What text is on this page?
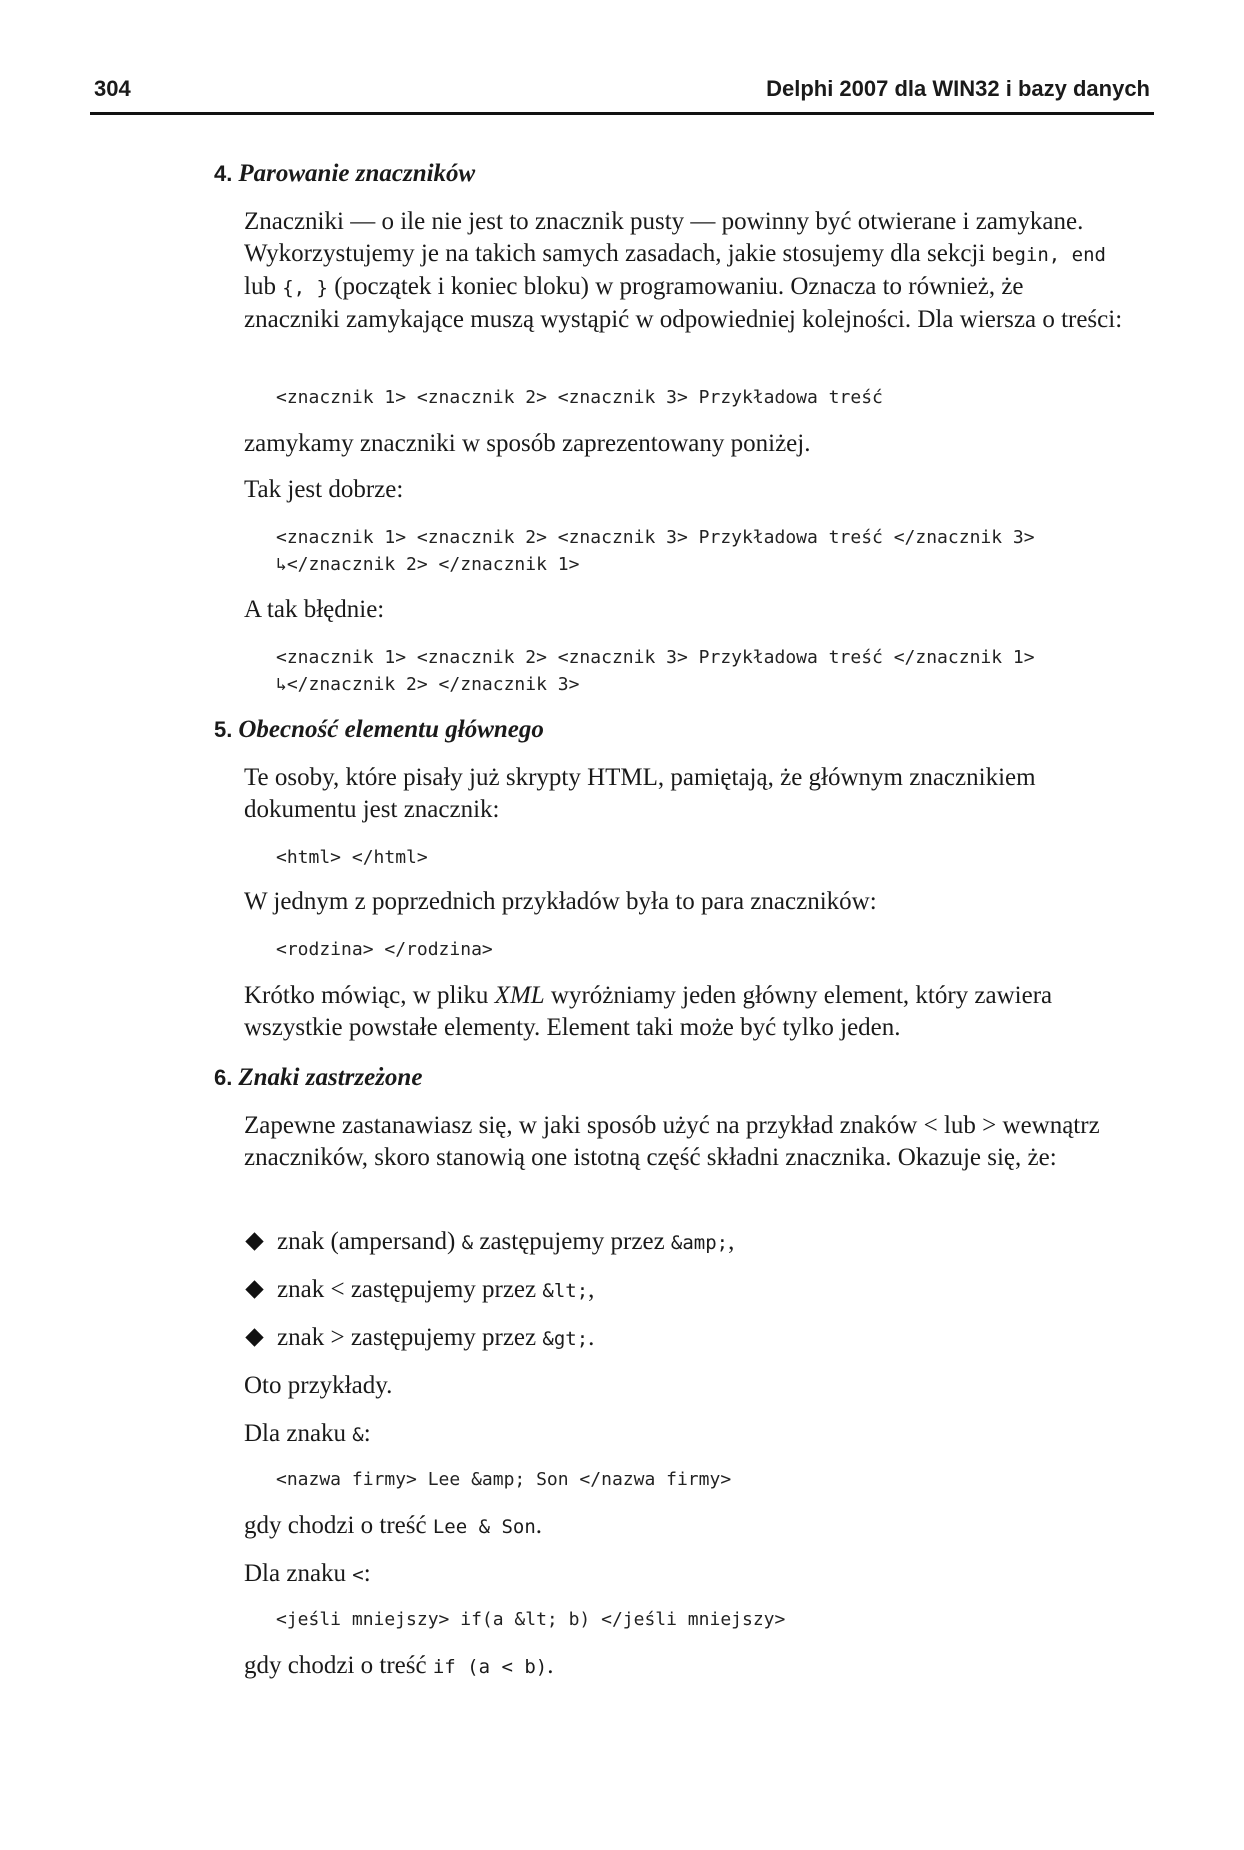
304	Delphi 2007 dla WIN32 i bazy danych
4. Parowanie znaczników

Znaczniki — o ile nie jest to znacznik pusty — powinny być otwierane i zamykane. Wykorzystujemy je na takich samych zasadach, jakie stosujemy dla sekcji begin, end lub {, } (początek i koniec bloku) w programowaniu. Oznacza to również, że znaczniki zamykające muszą wystąpić w odpowiedniej kolejności. Dla wiersza o treści:

<znacznik 1> <znacznik 2> <znacznik 3> Przykładowa treść

zamykamy znaczniki w sposób zaprezentowany poniżej.

Tak jest dobrze:

<znacznik 1> <znacznik 2> <znacznik 3> Przykładowa treść </znacznik 3>
↳</znacznik 2> </znacznik 1>

A tak błędnie:

<znacznik 1> <znacznik 2> <znacznik 3> Przykładowa treść </znacznik 1>
↳</znacznik 2> </znacznik 3>
5. Obecność elementu głównego

Te osoby, które pisały już skrypty HTML, pamiętają, że głównym znacznikiem dokumentu jest znacznik:

<html> </html>

W jednym z poprzednich przykładów była to para znaczników:

<rodzina> </rodzina>

Krótko mówiąc, w pliku XML wyróżniamy jeden główny element, który zawiera wszystkie powstałe elementy. Element taki może być tylko jeden.

6. Znaki zastrzeżone

Zapewne zastanawiasz się, w jaki sposób użyć na przykład znaków < lub > wewnątrz znaczników, skoro stanowią one istotną część składni znacznika. Okazuje się, że:

znak (ampersand) & zastępujemy przez &amp;,
znak < zastępujemy przez &lt;,
znak > zastępujemy przez &gt;.

Oto przykłady.

Dla znaku &:

<nazwa firmy> Lee &amp; Son </nazwa firmy>

gdy chodzi o treść Lee & Son.

Dla znaku <:

<jeśli mniejszy> if(a &lt; b) </jeśli mniejszy>

gdy chodzi o treść if (a < b).
